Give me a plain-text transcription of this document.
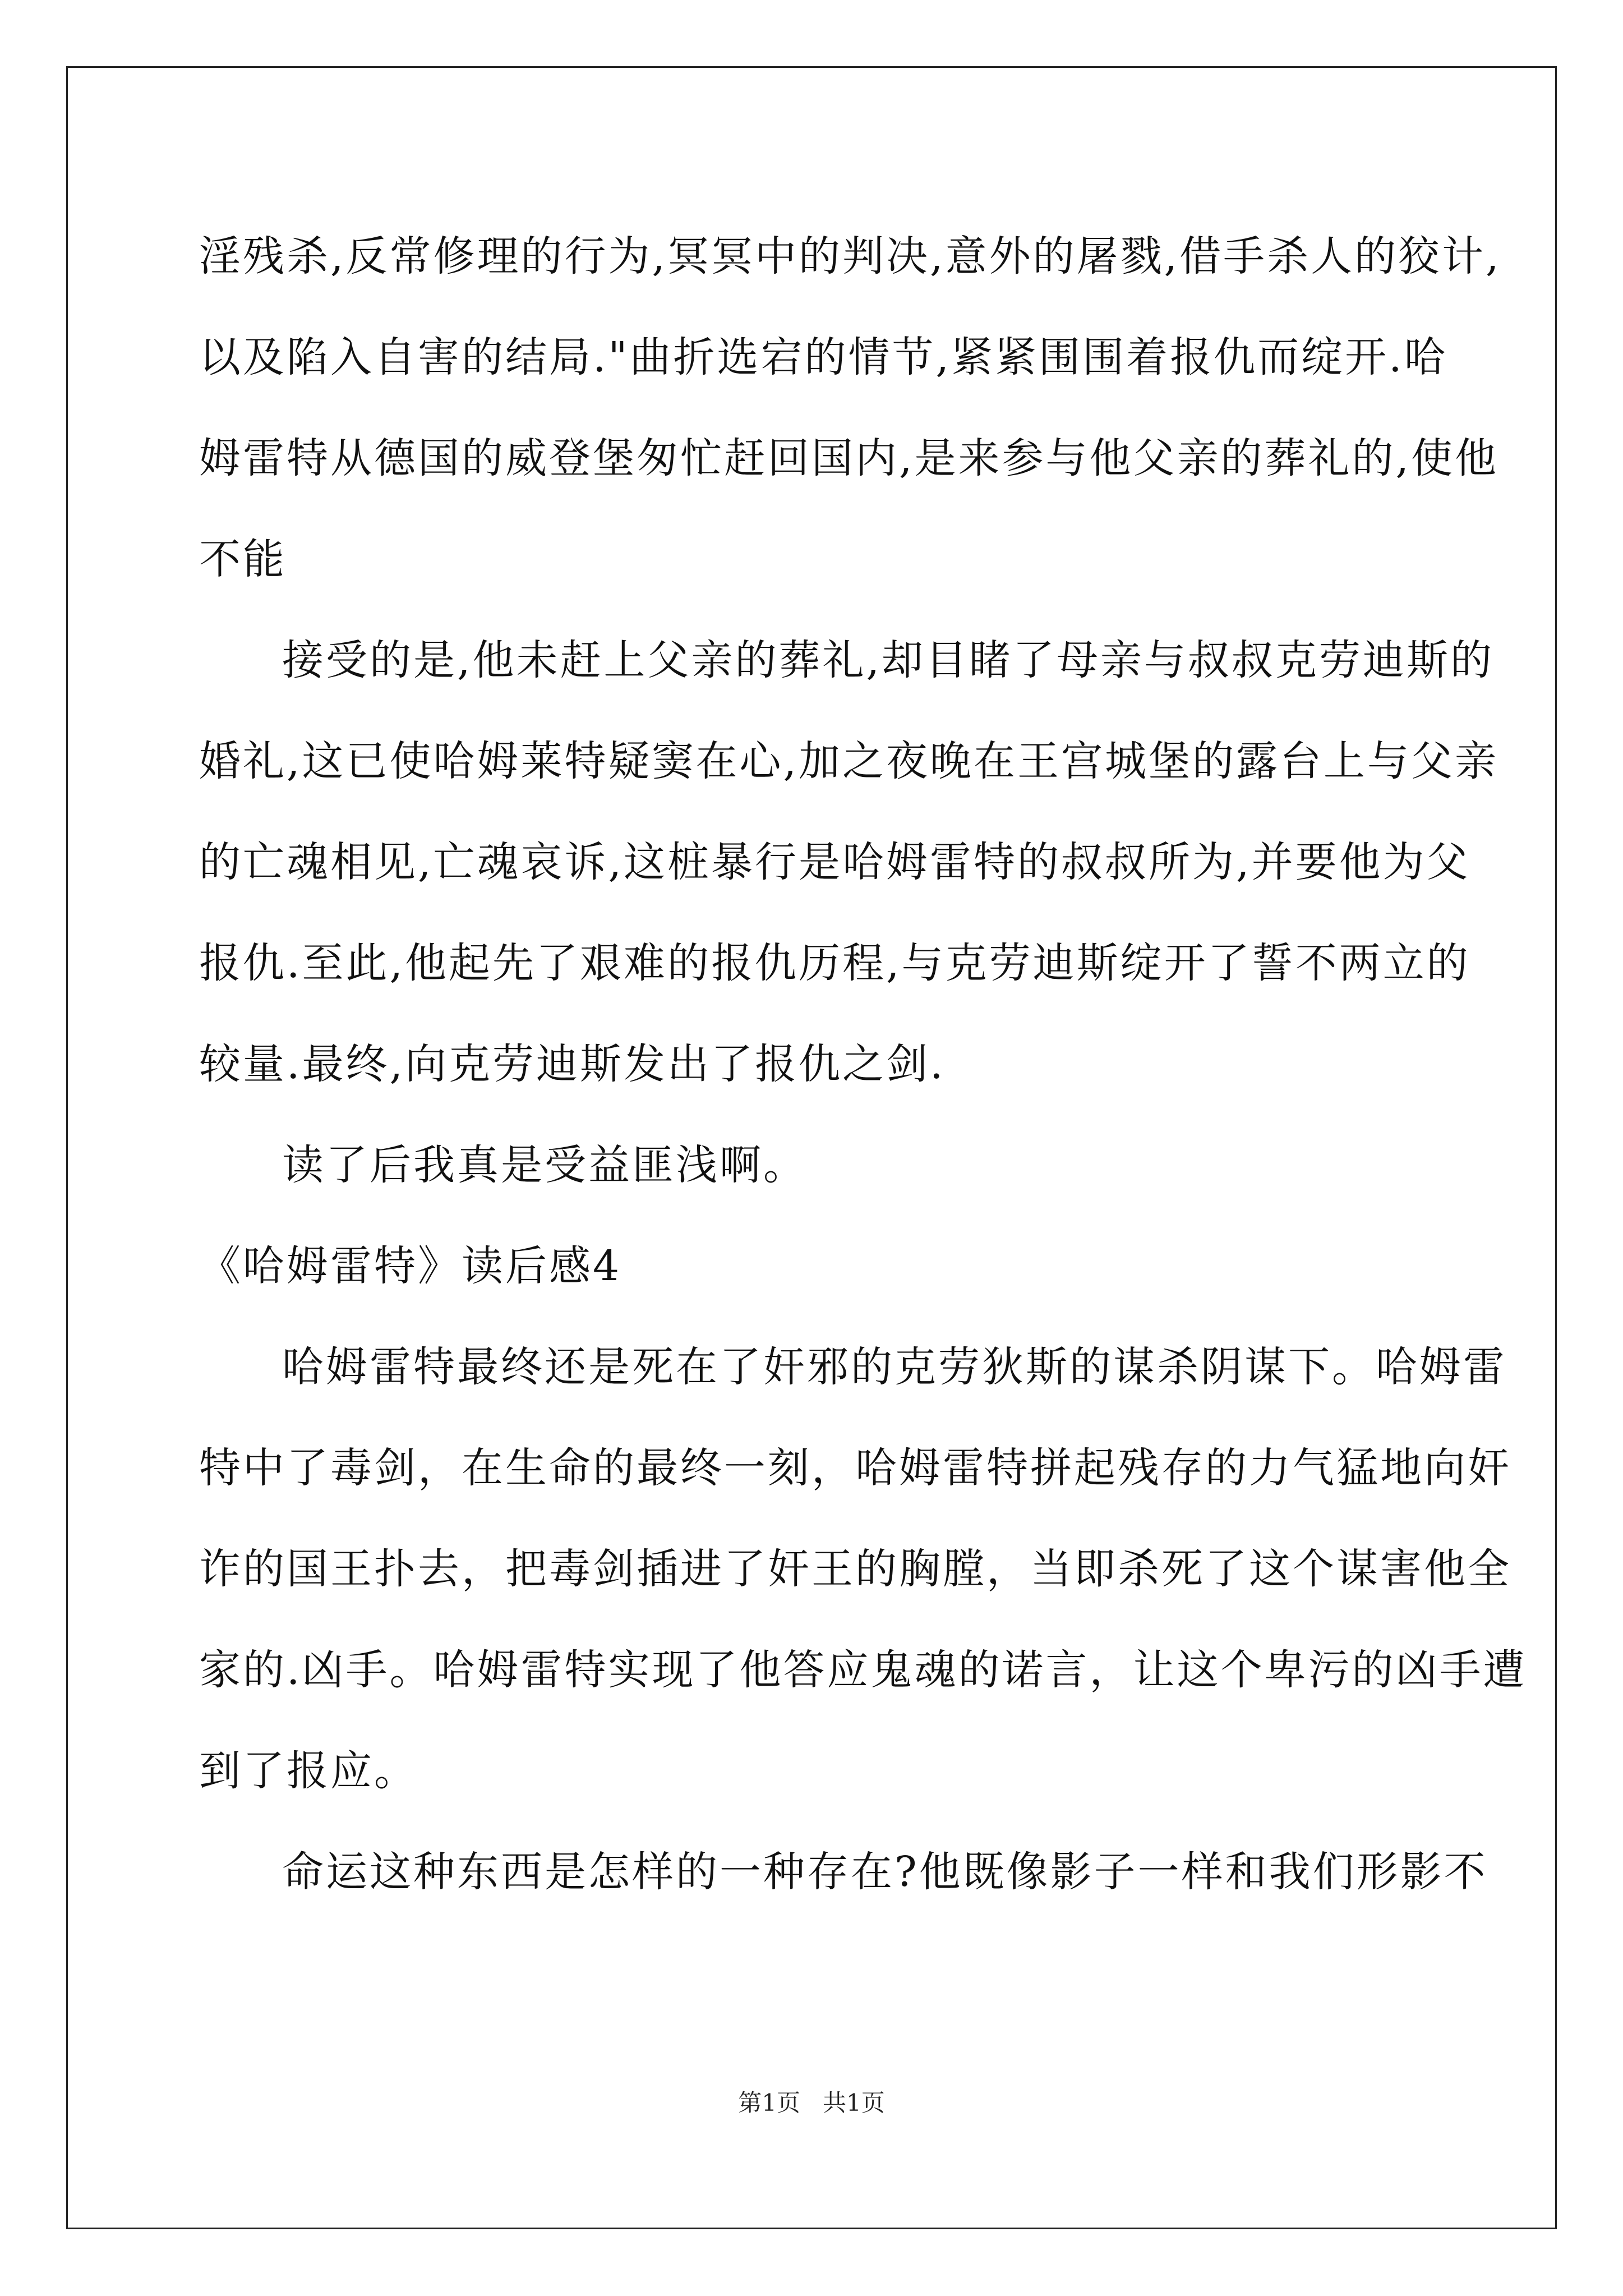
淫残杀,反常修理的行为,冥冥中的判决,意外的屠戮,借手杀人的狡计,
以及陷入自害的结局."曲折选宕的情节,紧紧围围着报仇而绽开.哈
姆雷特从德国的威登堡匆忙赶回国内,是来参与他父亲的葬礼的,使他
不能
接受的是,他未赶上父亲的葬礼,却目睹了母亲与叔叔克劳迪斯的
婚礼,这已使哈姆莱特疑窦在心,加之夜晚在王宫城堡的露台上与父亲
的亡魂相见,亡魂哀诉,这桩暴行是哈姆雷特的叔叔所为,并要他为父
报仇.至此,他起先了艰难的报仇历程,与克劳迪斯绽开了誓不两立的
较量.最终,向克劳迪斯发出了报仇之剑.
读了后我真是受益匪浅啊。
《哈姆雷特》读后感4
哈姆雷特最终还是死在了奸邪的克劳狄斯的谋杀阴谋下。哈姆雷
特中了毒剑，在生命的最终一刻，哈姆雷特拼起残存的力气猛地向奸
诈的国王扑去，把毒剑插进了奸王的胸膛，当即杀死了这个谋害他全
家的.凶手。哈姆雷特实现了他答应鬼魂的诺言，让这个卑污的凶手遭
到了报应。
命运这种东西是怎样的一种存在?他既像影子一样和我们形影不
第1页   共1页
